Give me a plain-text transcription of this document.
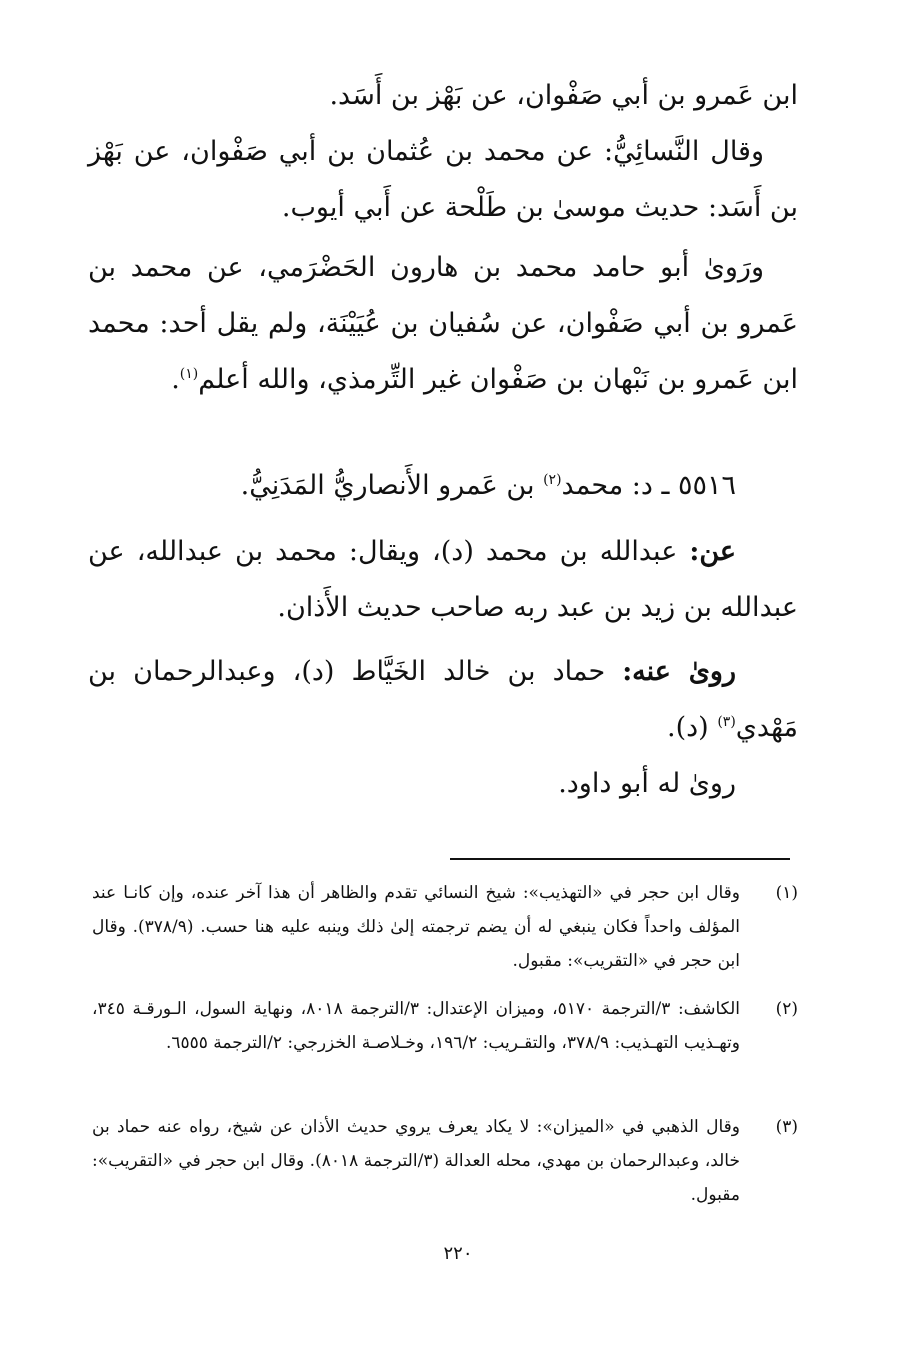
ابن عَمرو بن أبي صَفْوان، عن بَهْز بن أَسَد.
وقال النَّسائِيُّ: عن محمد بن عُثمان بن أبي صَفْوان، عن بَهْز بن أَسَد: حديث موسىٰ بن طَلْحة عن أَبي أيوب.
ورَوىٰ أبو حامد محمد بن هارون الحَضْرَمي، عن محمد بن عَمرو بن أبي صَفْوان، عن سُفيان بن عُيَيْنَة، ولم يقل أحد: محمد ابن عَمرو بن نَبْهان بن صَفْوان غير التِّرمذي، والله أعلم$^{(١)}$.
٥٥١٦ ـ د: محمد$^{(٢)}$ بن عَمرو الأَنصاريُّ المَدَنِيُّ.
عن: عبدالله بن محمد (د)، ويقال: محمد بن عبدالله، عن عبدالله بن زيد بن عبد ربه صاحب حديث الأَذان.
روىٰ عنه: حماد بن خالد الخَيَّاط (د)، وعبدالرحمان بن مَهْدي$^{(٣)}$ (د).
روىٰ له أبو داود.
(١)
وقال ابن حجر في «التهذيب»: شيخ النسائي تقدم والظاهر أن هذا آخر عنده، وإن كانـا عند المؤلف واحداً فكان ينبغي له أن يضم ترجمته إلىٰ ذلك وينبه عليه هنا حسب. (٣٧٨/٩). وقال ابن حجر في «التقريب»: مقبول.
(٢)
الكاشف: ٣/الترجمة ٥١٧٠، وميزان الإعتدال: ٣/الترجمة ٨٠١٨، ونهاية السول، الـورقـة ٣٤٥، وتهـذيب التهـذيب: ٣٧٨/٩، والتقـريب: ١٩٦/٢، وخـلاصـة الخزرجي: ٢/الترجمة ٦٥٥٥.
(٣)
وقال الذهبي في «الميزان»: لا يكاد يعرف يروي حديث الأذان عن شيخ، رواه عنه حماد بن خالد، وعبدالرحمان بن مهدي، محله العدالة (٣/الترجمة ٨٠١٨). وقال ابن حجر في «التقريب»: مقبول.
٢٢٠
